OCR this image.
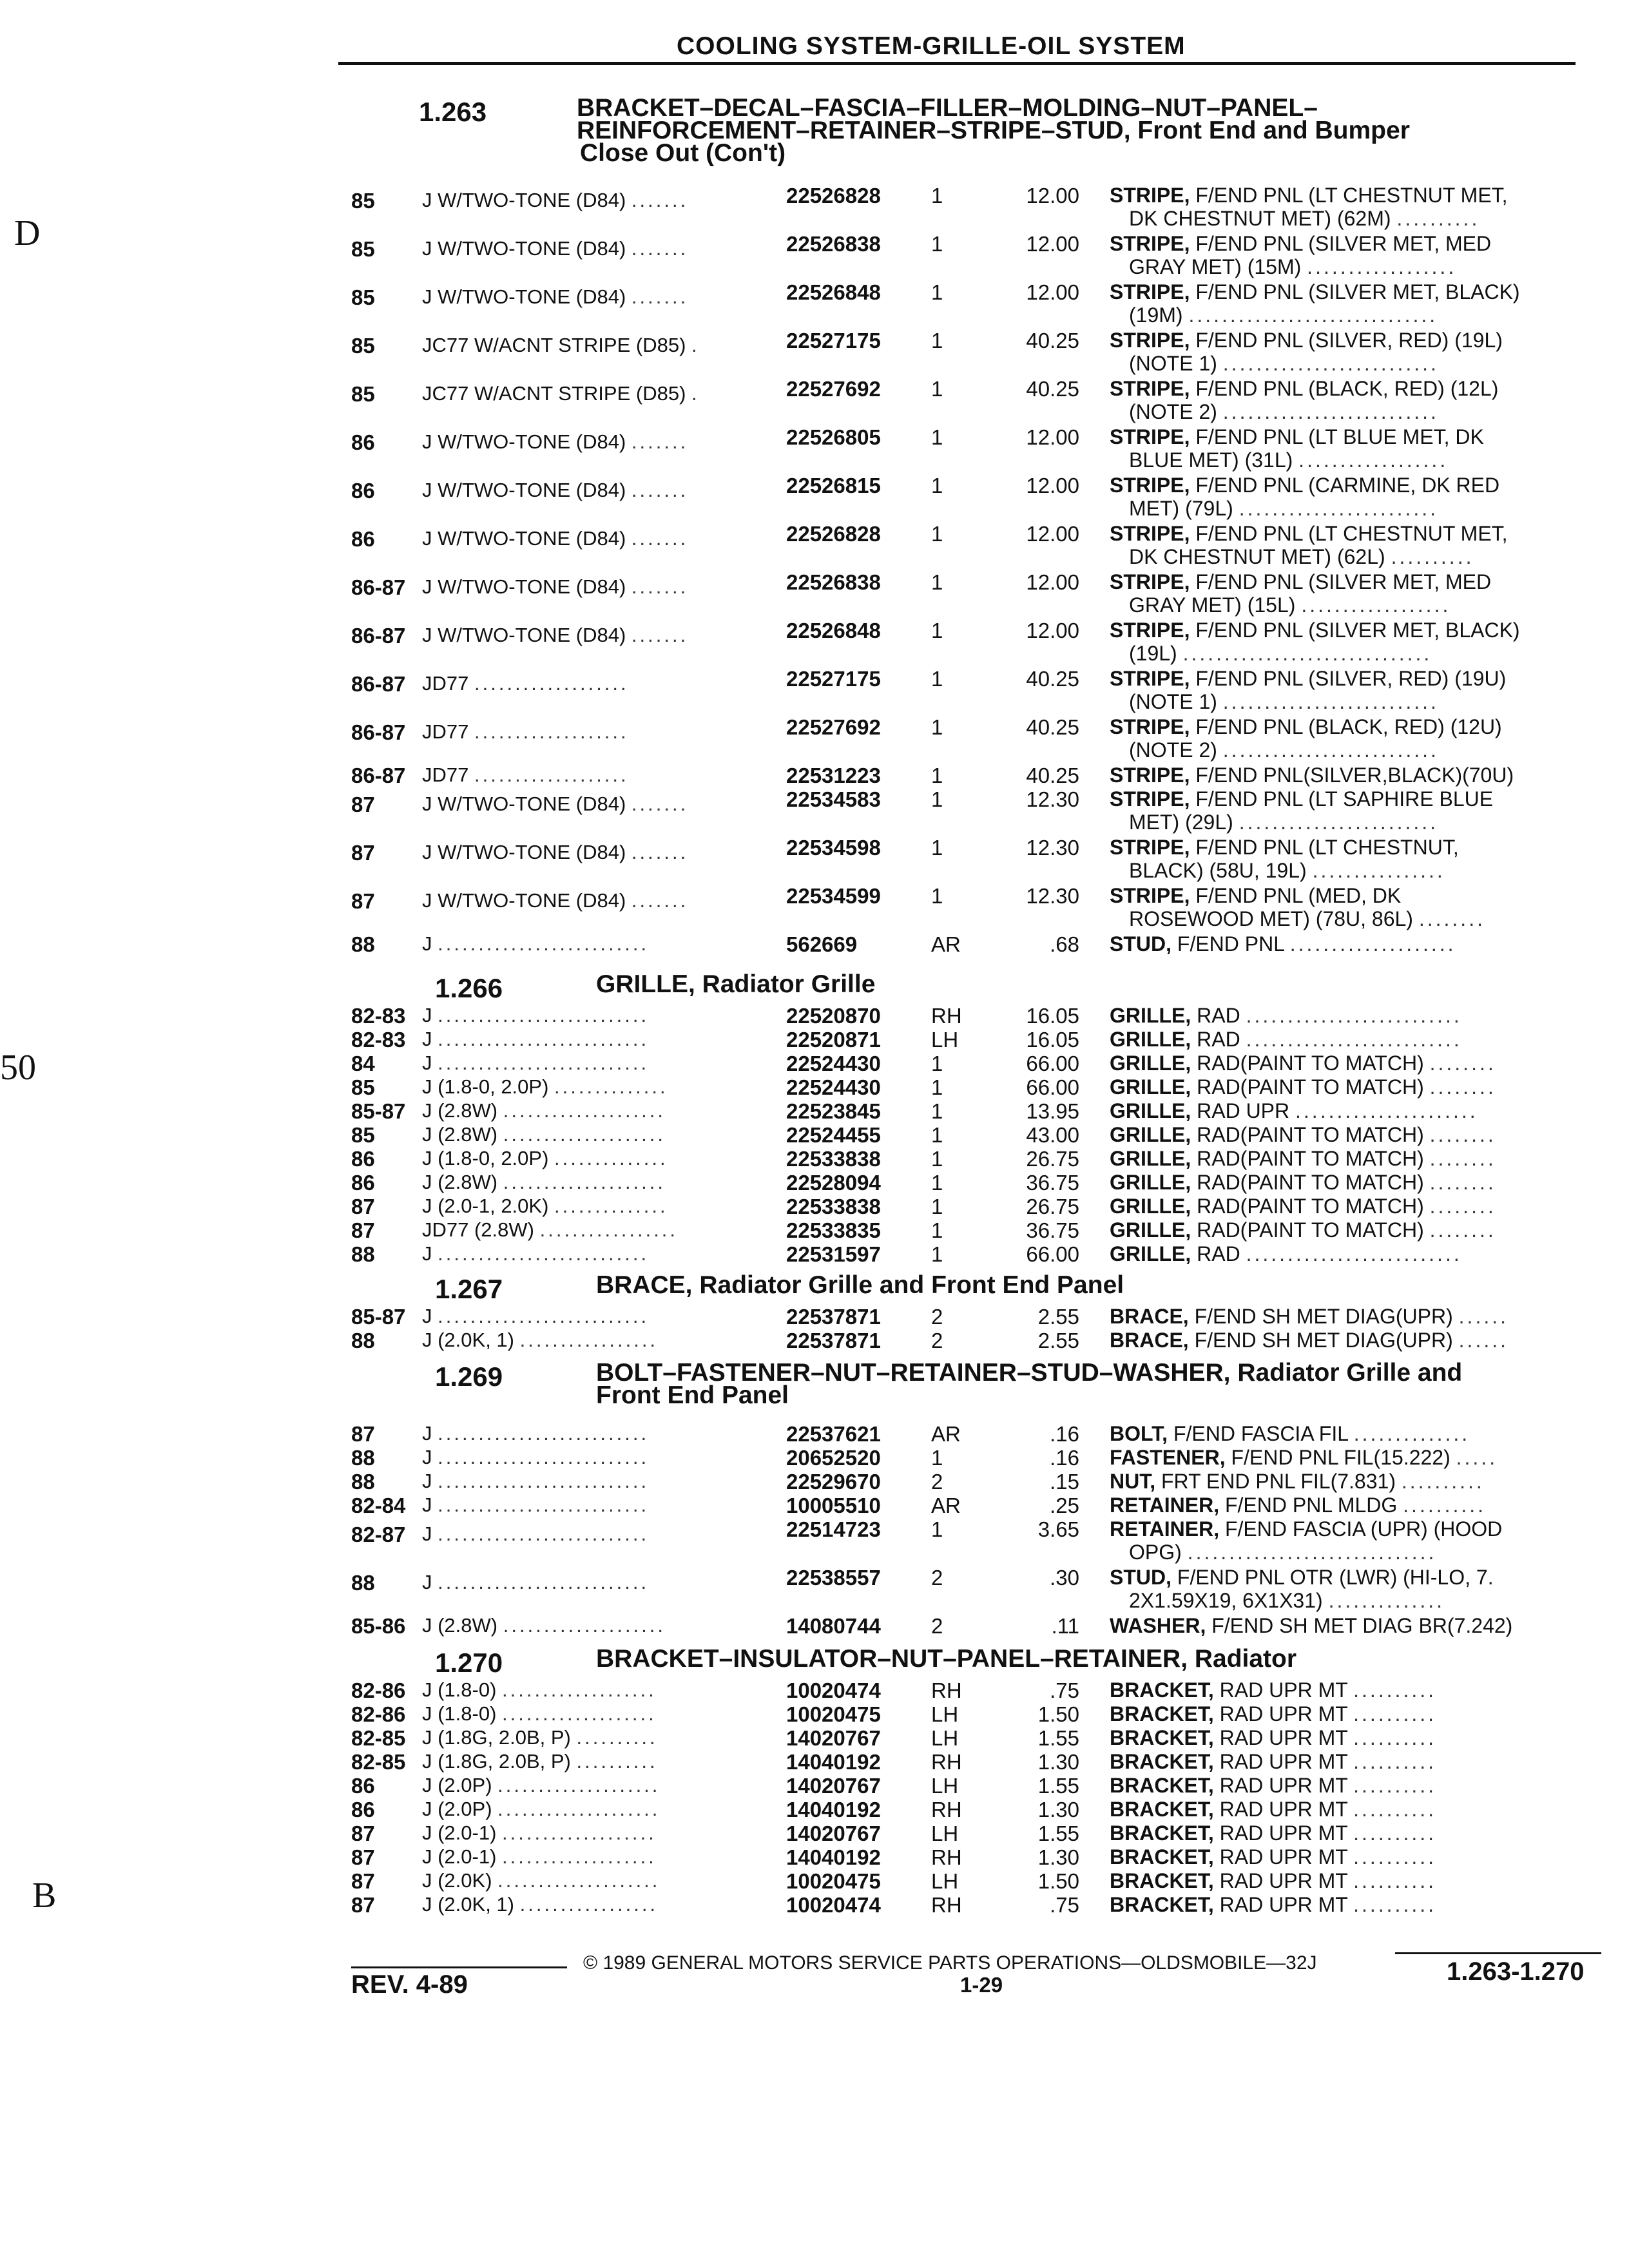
COOLING SYSTEM-GRILLE-OIL SYSTEM
D
50
B
1.263	BRACKET–DECAL–FASCIA–FILLER–MOLDING–NUT–PANEL–
REINFORCEMENT–RETAINER–STRIPE–STUD, Front End and Bumper
Close Out (Con't)
85 J W/TWO-TONE (D84) .......	22526828 1	12.00 STRIPE, F/END PNL (LT CHESTNUT MET,
DK CHESTNUT MET) (62M) ..........
85 J W/TWO-TONE (D84) .......	22526838 1	12.00 STRIPE, F/END PNL (SILVER MET, MED
GRAY MET) (15M) ..................
85 J W/TWO-TONE (D84) .......	22526848 1	12.00 STRIPE, F/END PNL (SILVER MET, BLACK)
(19M) ..............................
85 JC77 W/ACNT STRIPE (D85) .	22527175 1	40.25 STRIPE, F/END PNL (SILVER, RED) (19L)
(NOTE 1) ..........................
85 JC77 W/ACNT STRIPE (D85) .	22527692 1	40.25 STRIPE, F/END PNL (BLACK, RED) (12L)
(NOTE 2) ..........................
86 J W/TWO-TONE (D84) .......	22526805 1	12.00 STRIPE, F/END PNL (LT BLUE MET, DK
BLUE MET) (31L) ..................
86 J W/TWO-TONE (D84) .......	22526815 1	12.00 STRIPE, F/END PNL (CARMINE, DK RED
MET) (79L) ........................
86 J W/TWO-TONE (D84) .......	22526828 1	12.00 STRIPE, F/END PNL (LT CHESTNUT MET,
DK CHESTNUT MET) (62L) ..........
86-87 J W/TWO-TONE (D84) .......	22526838 1	12.00 STRIPE, F/END PNL (SILVER MET, MED
GRAY MET) (15L) ..................
86-87 J W/TWO-TONE (D84) .......	22526848 1	12.00 STRIPE, F/END PNL (SILVER MET, BLACK)
(19L) ..............................
86-87 JD77 ...................	22527175 1	40.25 STRIPE, F/END PNL (SILVER, RED) (19U)
(NOTE 1) ..........................
86-87 JD77 ...................	22527692 1	40.25 STRIPE, F/END PNL (BLACK, RED) (12U)
(NOTE 2) ..........................
86-87 JD77 ...................	22531223 1	40.25 STRIPE, F/END PNL(SILVER,BLACK)(70U)
87 J W/TWO-TONE (D84) .......	22534583 1	12.30 STRIPE, F/END PNL (LT SAPHIRE BLUE
MET) (29L) ........................
87 J W/TWO-TONE (D84) .......	22534598 1	12.30 STRIPE, F/END PNL (LT CHESTNUT,
BLACK) (58U, 19L) ................
87 J W/TWO-TONE (D84) .......	22534599 1	12.30 STRIPE, F/END PNL (MED, DK
ROSEWOOD MET) (78U, 86L) ........
88 J ..........................	562669	AR	.68 STUD, F/END PNL ....................
1.266	GRILLE, Radiator Grille
82-83 J ..........................	22520870 RH	16.05 GRILLE, RAD ..........................
82-83 J ..........................	22520871 LH	16.05 GRILLE, RAD ..........................
84 J ..........................	22524430 1	66.00 GRILLE, RAD(PAINT TO MATCH) ........
85 J (1.8-0, 2.0P) ..............	22524430 1	66.00 GRILLE, RAD(PAINT TO MATCH) ........
85-87 J (2.8W) ....................	22523845 1	13.95 GRILLE, RAD UPR ......................
85 J (2.8W) ....................	22524455 1	43.00 GRILLE, RAD(PAINT TO MATCH) ........
86 J (1.8-0, 2.0P) ..............	22533838 1	26.75 GRILLE, RAD(PAINT TO MATCH) ........
86 J (2.8W) ....................	22528094 1	36.75 GRILLE, RAD(PAINT TO MATCH) ........
87 J (2.0-1, 2.0K) ..............	22533838 1	26.75 GRILLE, RAD(PAINT TO MATCH) ........
87 JD77 (2.8W) .................	22533835 1	36.75 GRILLE, RAD(PAINT TO MATCH) ........
88 J ..........................	22531597 1	66.00 GRILLE, RAD ..........................
1.267	BRACE, Radiator Grille and Front End Panel
85-87 J ..........................	22537871 2	2.55 BRACE, F/END SH MET DIAG(UPR) ......
88 J (2.0K, 1) .................	22537871 2	2.55 BRACE, F/END SH MET DIAG(UPR) ......
1.269	BOLT–FASTENER–NUT–RETAINER–STUD–WASHER, Radiator Grille and
Front End Panel
87 J ..........................	22537621 AR	.16 BOLT, F/END FASCIA FIL ..............
88 J ..........................	20652520 1	.16 FASTENER, F/END PNL FIL(15.222) .....
88 J ..........................	22529670 2	.15 NUT, FRT END PNL FIL(7.831) ..........
82-84 J ..........................	10005510 AR	.25 RETAINER, F/END PNL MLDG ..........
82-87 J ..........................	22514723 1	3.65 RETAINER, F/END FASCIA (UPR) (HOOD
OPG) ..............................
88 J ..........................	22538557 2	.30 STUD, F/END PNL OTR (LWR) (HI-LO, 7.
2X1.59X19, 6X1X31) ..............
85-86 J (2.8W) ....................	14080744 2	.11 WASHER, F/END SH MET DIAG BR(7.242)
1.270	BRACKET–INSULATOR–NUT–PANEL–RETAINER, Radiator
82-86 J (1.8-0) ...................	10020474 RH	.75 BRACKET, RAD UPR MT ..........
82-86 J (1.8-0) ...................	10020475 LH	1.50 BRACKET, RAD UPR MT ..........
82-85 J (1.8G, 2.0B, P) ..........	14020767 LH	1.55 BRACKET, RAD UPR MT ..........
82-85 J (1.8G, 2.0B, P) ..........	14040192 RH	1.30 BRACKET, RAD UPR MT ..........
86 J (2.0P) ....................	14020767 LH	1.55 BRACKET, RAD UPR MT ..........
86 J (2.0P) ....................	14040192 RH	1.30 BRACKET, RAD UPR MT ..........
87 J (2.0-1) ...................	14020767 LH	1.55 BRACKET, RAD UPR MT ..........
87 J (2.0-1) ...................	14040192 RH	1.30 BRACKET, RAD UPR MT ..........
87 J (2.0K) ....................	10020475 LH	1.50 BRACKET, RAD UPR MT ..........
87 J (2.0K, 1) .................	10020474 RH	.75 BRACKET, RAD UPR MT ..........
© 1989 GENERAL MOTORS SERVICE PARTS OPERATIONS—OLDSMOBILE—32J
REV. 4-89	1-29	1.263-1.270
